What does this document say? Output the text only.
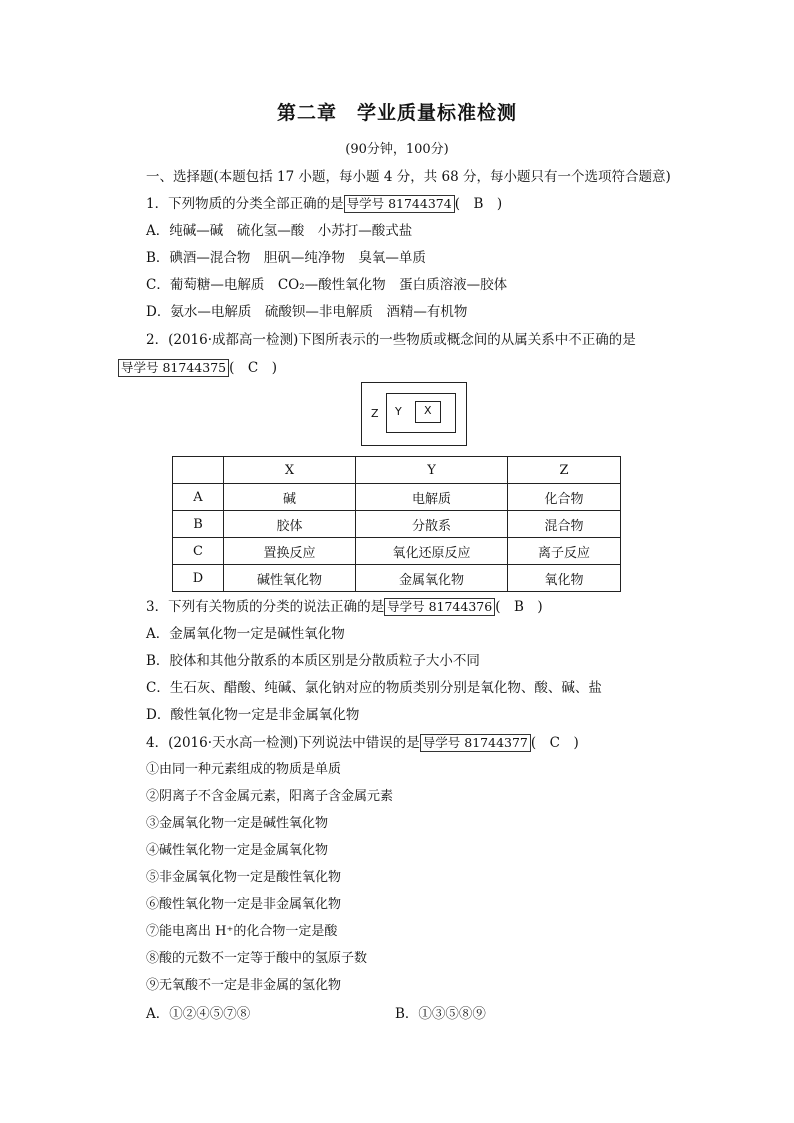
第二章　学业质量标准检测
(90分钟，100分)
一、选择题(本题包括 17 小题，每小题 4 分，共 68 分，每小题只有一个选项符合题意)
1．下列物质的分类全部正确的是 导学号 81744374 (　B　)
A．纯碱—碱　硫化氢—酸　小苏打—酸式盐
B．碘酒—混合物　胆矾—纯净物　臭氧—单质
C．葡萄糖—电解质　CO₂—酸性氧化物　蛋白质溶液—胶体
D．氨水—电解质　硫酸钡—非电解质　酒精—有机物
2．(2016·成都高一检测)下图所表示的一些物质或概念间的从属关系中不正确的是
导学号 81744375 (　C　)
Z Y X
	X	Y	Z
A	碱	电解质	化合物
B	胶体	分散系	混合物
C	置换反应	氧化还原反应	离子反应
D	碱性氧化物	金属氧化物	氧化物
3．下列有关物质的分类的说法正确的是 导学号 81744376 (　B　)
A．金属氧化物一定是碱性氧化物
B．胶体和其他分散系的本质区别是分散质粒子大小不同
C．生石灰、醋酸、纯碱、氯化钠对应的物质类别分别是氧化物、酸、碱、盐
D．酸性氧化物一定是非金属氧化物
4．(2016·天水高一检测)下列说法中错误的是 导学号 81744377 (　C　)
①由同一种元素组成的物质是单质
②阴离子不含金属元素，阳离子含金属元素
③金属氧化物一定是碱性氧化物
④碱性氧化物一定是金属氧化物
⑤非金属氧化物一定是酸性氧化物
⑥酸性氧化物一定是非金属氧化物
⑦能电离出 H⁺的化合物一定是酸
⑧酸的元数不一定等于酸中的氢原子数
⑨无氧酸不一定是非金属的氢化物
A．①②④⑤⑦⑧	B．①③⑤⑧⑨
